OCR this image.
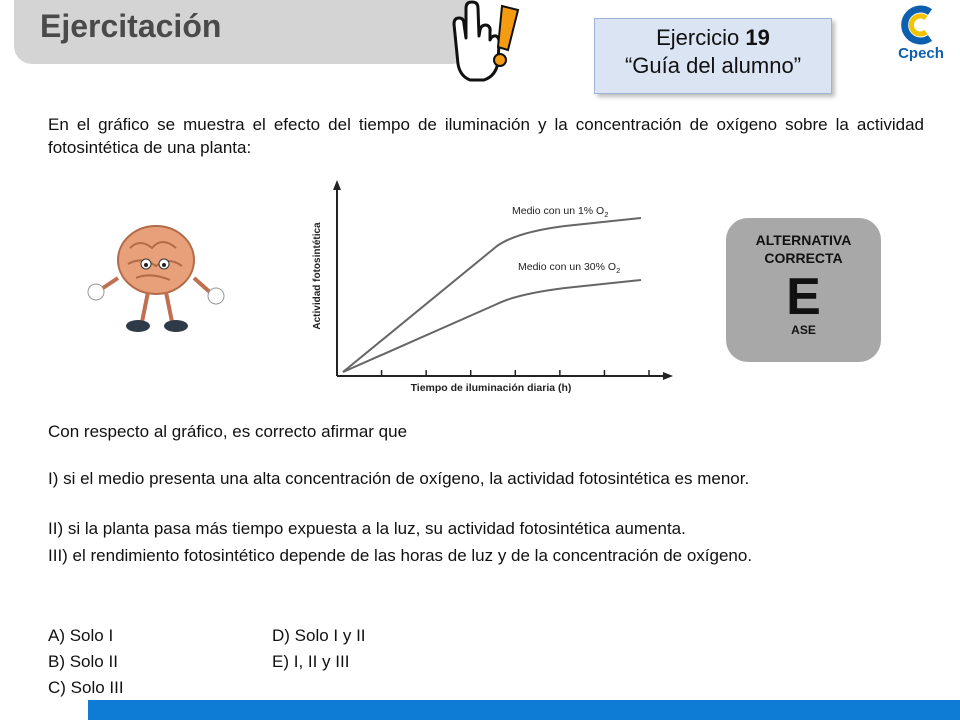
Ejercitación	Ejercicio 19
“Guía del alumno”	Cpech

En el gráfico se muestra el efecto del tiempo de iluminación y la concentración de oxígeno sobre la actividad fotosintética de una planta:

Medio con un 1% $O_2$
Medio con un 30% $O_2$
Tiempo de iluminación diaria (h)
Actividad fotosintética	ALTERNATIVA
CORRECTA
E
ASE

Con respecto al gráfico, es correcto afirmar que

I) si el medio presenta una alta concentración de oxígeno, la actividad fotosintética es menor.

II) si la planta pasa más tiempo expuesta a la luz, su actividad fotosintética aumenta.

III) el rendimiento fotosintético depende de las horas de luz y de la concentración de oxígeno.

A) Solo I
B) Solo II
C) Solo III
D) Solo I y II
E) I, II y III
